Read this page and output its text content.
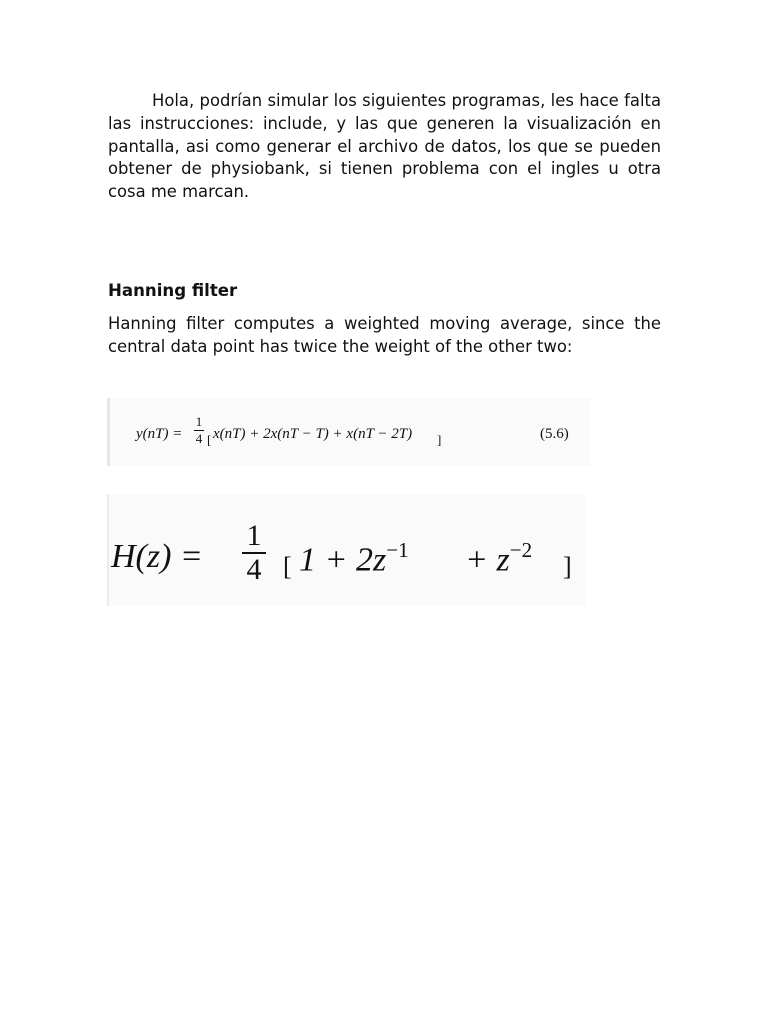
Hola, podrían simular los siguientes programas, les hace falta las instrucciones: include, y las que generen la visualización en pantalla, asi como generar el archivo de datos, los que se pueden obtener de physiobank, si tienen problema con el ingles u otra cosa me marcan.

Hanning filter

Hanning filter computes a weighted moving average, since the central data point has twice the weight of the other two:

y(nT) =
1
4 [ x(nT) + 2x(nT − T) + x(nT − 2T) ]	(5.6)
H(z) =
1
4 [ $1 + 2z^{-1} + z^{-2}$
]
